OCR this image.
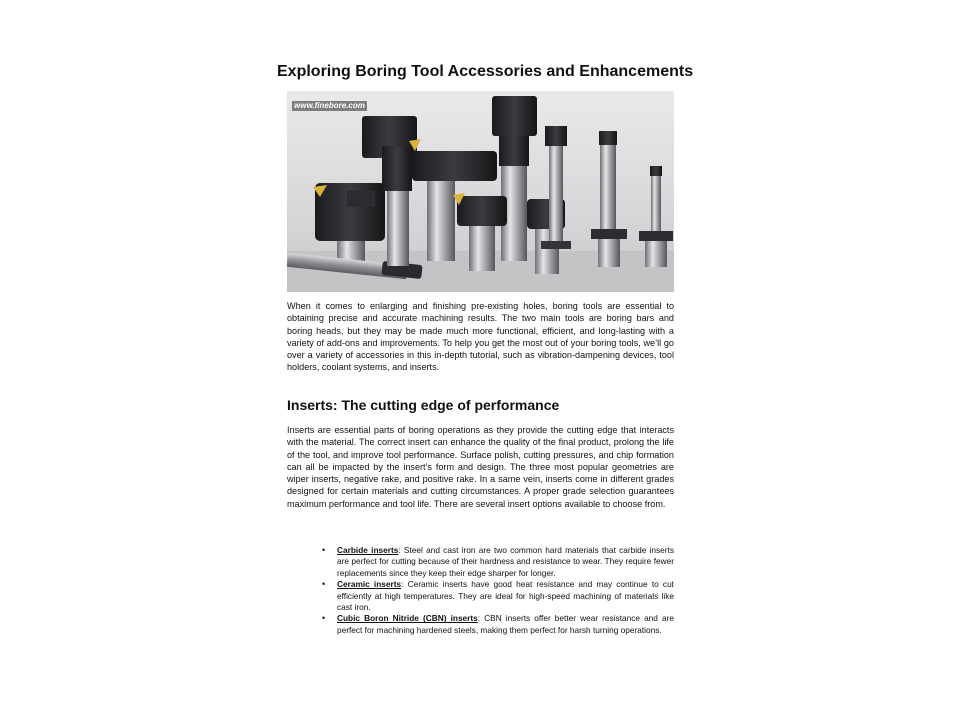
Exploring Boring Tool Accessories and Enhancements
www.finebore.com

When it comes to enlarging and finishing pre-existing holes, boring tools are essential to obtaining precise and accurate machining results. The two main tools are boring bars and boring heads, but they may be made much more functional, efficient, and long-lasting with a variety of add-ons and improvements. To help you get the most out of your boring tools, we’ll go over a variety of accessories in this in-depth tutorial, such as vibration-dampening devices, tool holders, coolant systems, and inserts.

Inserts: The cutting edge of performance

Inserts are essential parts of boring operations as they provide the cutting edge that interacts with the material. The correct insert can enhance the quality of the final product, prolong the life of the tool, and improve tool performance. Surface polish, cutting pressures, and chip formation can all be impacted by the insert’s form and design. The three most popular geometries are wiper inserts, negative rake, and positive rake. In a same vein, inserts come in different grades designed for certain materials and cutting circumstances. A proper grade selection guarantees maximum performance and tool life. There are several insert options available to choose from.

• Carbide inserts: Steel and cast iron are two common hard materials that carbide inserts are perfect for cutting because of their hardness and resistance to wear. They require fewer replacements since they keep their edge sharper for longer.
• Ceramic inserts: Ceramic inserts have good heat resistance and may continue to cut efficiently at high temperatures. They are ideal for high-speed machining of materials like cast iron.
• Cubic Boron Nitride (CBN) inserts: CBN inserts offer better wear resistance and are perfect for machining hardened steels, making them perfect for harsh turning operations.
